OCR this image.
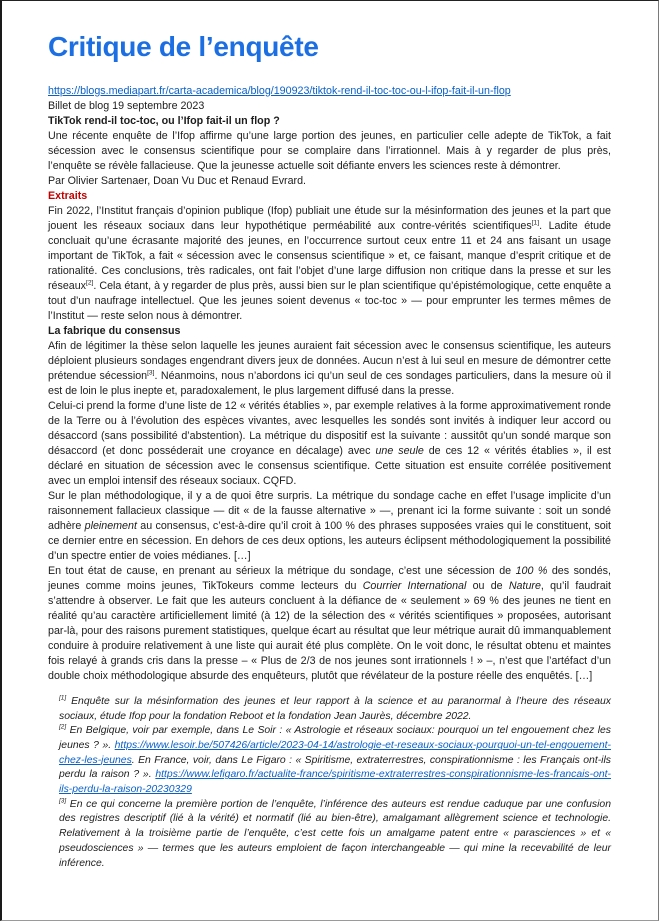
Critique de l’enquête
https://blogs.mediapart.fr/carta-academica/blog/190923/tiktok-rend-il-toc-toc-ou-l-ifop-fait-il-un-flop
Billet de blog 19 septembre 2023

TikTok rend-il toc-toc, ou l’Ifop fait-il un flop ?

Une récente enquête de l’Ifop affirme qu’une large portion des jeunes, en particulier celle adepte de TikTok, a fait sécession avec le consensus scientifique pour se complaire dans l’irrationnel. Mais à y regarder de plus près, l’enquête se révèle fallacieuse. Que la jeunesse actuelle soit défiante envers les sciences reste à démontrer.

Par Olivier Sartenaer, Doan Vu Duc et Renaud Evrard.

Extraits

Fin 2022, l’Institut français d’opinion publique (Ifop) publiait une étude sur la mésinformation des jeunes et la part que jouent les réseaux sociaux dans leur hypothétique perméabilité aux contre-vérités scientifiques[1]. Ladite étude concluait qu’une écrasante majorité des jeunes, en l’occurrence surtout ceux entre 11 et 24 ans faisant un usage important de TikTok, a fait « sécession avec le consensus scientifique » et, ce faisant, manque d’esprit critique et de rationalité. Ces conclusions, très radicales, ont fait l’objet d’une large diffusion non critique dans la presse et sur les réseaux[2]. Cela étant, à y regarder de plus près, aussi bien sur le plan scientifique qu’épistémologique, cette enquête a tout d’un naufrage intellectuel. Que les jeunes soient devenus « toc-toc » — pour emprunter les termes mêmes de l’Institut — reste selon nous à démontrer.

La fabrique du consensus

Afin de légitimer la thèse selon laquelle les jeunes auraient fait sécession avec le consensus scientifique, les auteurs déploient plusieurs sondages engendrant divers jeux de données. Aucun n’est à lui seul en mesure de démontrer cette prétendue sécession[3]. Néanmoins, nous n’abordons ici qu’un seul de ces sondages particuliers, dans la mesure où il est de loin le plus inepte et, paradoxalement, le plus largement diffusé dans la presse.

Celui-ci prend la forme d’une liste de 12 « vérités établies », par exemple relatives à la forme approximativement ronde de la Terre ou à l’évolution des espèces vivantes, avec lesquelles les sondés sont invités à indiquer leur accord ou désaccord (sans possibilité d’abstention). La métrique du dispositif est la suivante : aussitôt qu’un sondé marque son désaccord (et donc posséderait une croyance en décalage) avec une seule de ces 12 « vérités établies », il est déclaré en situation de sécession avec le consensus scientifique. Cette situation est ensuite corrélée positivement avec un emploi intensif des réseaux sociaux. CQFD.

Sur le plan méthodologique, il y a de quoi être surpris. La métrique du sondage cache en effet l’usage implicite d’un raisonnement fallacieux classique — dit « de la fausse alternative » —, prenant ici la forme suivante : soit un sondé adhère pleinement au consensus, c’est-à-dire qu’il croit à 100 % des phrases supposées vraies qui le constituent, soit ce dernier entre en sécession. En dehors de ces deux options, les auteurs éclipsent méthodologiquement la possibilité d’un spectre entier de voies médianes. […]

En tout état de cause, en prenant au sérieux la métrique du sondage, c’est une sécession de 100 % des sondés, jeunes comme moins jeunes, TikTokeurs comme lecteurs du Courrier International ou de Nature, qu’il faudrait s’attendre à observer. Le fait que les auteurs concluent à la défiance de « seulement » 69 % des jeunes ne tient en réalité qu’au caractère artificiellement limité (à 12) de la sélection des « vérités scientifiques » proposées, autorisant par-là, pour des raisons purement statistiques, quelque écart au résultat que leur métrique aurait dû immanquablement conduire à produire relativement à une liste qui aurait été plus complète. On le voit donc, le résultat obtenu et maintes fois relayé à grands cris dans la presse – « Plus de 2/3 de nos jeunes sont irrationnels ! » –, n’est que l’artéfact d’un double choix méthodologique absurde des enquêteurs, plutôt que révélateur de la posture réelle des enquêtés. […]

[1] Enquête sur la mésinformation des jeunes et leur rapport à la science et au paranormal à l’heure des réseaux sociaux, étude Ifop pour la fondation Reboot et la fondation Jean Jaurès, décembre 2022.

[2] En Belgique, voir par exemple, dans Le Soir : « Astrologie et réseaux sociaux: pourquoi un tel engouement chez les jeunes ? ». https://www.lesoir.be/507426/article/2023-04-14/astrologie-et-reseaux-sociaux-pourquoi-un-tel-engouement-chez-les-jeunes. En France, voir, dans Le Figaro : « Spiritisme, extraterrestres, conspirationnisme : les Français ont-ils perdu la raison ? ». https://www.lefigaro.fr/actualite-france/spiritisme-extraterrestres-conspirationnisme-les-francais-ont-ils-perdu-la-raison-20230329

[3] En ce qui concerne la première portion de l’enquête, l’inférence des auteurs est rendue caduque par une confusion des registres descriptif (lié à la vérité) et normatif (lié au bien-être), amalgamant allègrement science et technologie. Relativement à la troisième partie de l’enquête, c’est cette fois un amalgame patent entre « parasciences » et « pseudosciences » — termes que les auteurs emploient de façon interchangeable — qui mine la recevabilité de leur inférence.
